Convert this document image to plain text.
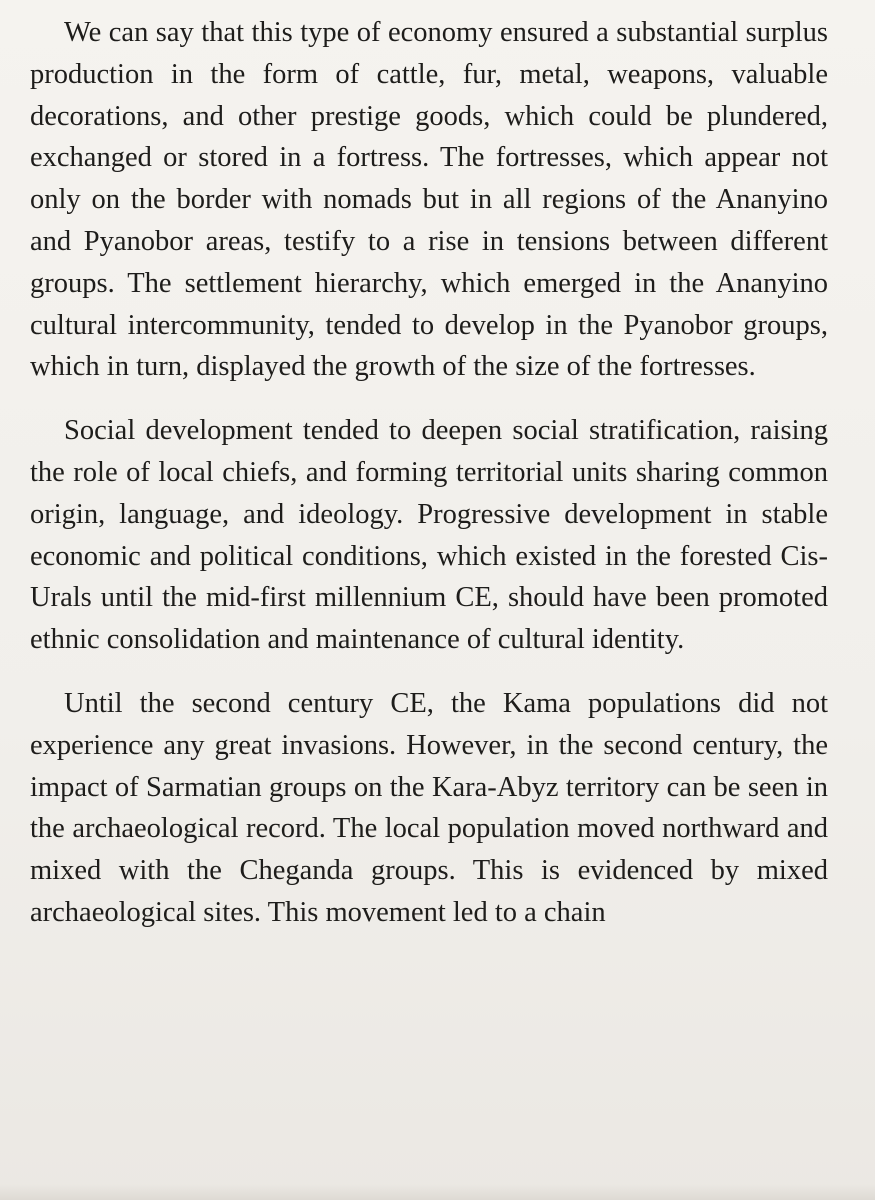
We can say that this type of economy ensured a substantial surplus production in the form of cattle, fur, metal, weapons, valuable decorations, and other prestige goods, which could be plundered, exchanged or stored in a fortress. The fortresses, which appear not only on the border with nomads but in all regions of the Ananyino and Pyanobor areas, testify to a rise in tensions between different groups. The settlement hierarchy, which emerged in the Ananyino cultural intercommunity, tended to develop in the Pyanobor groups, which in turn, displayed the growth of the size of the fortresses.

Social development tended to deepen social stratification, raising the role of local chiefs, and forming territorial units sharing common origin, language, and ideology. Progressive development in stable economic and political conditions, which existed in the forested Cis-Urals until the mid-first millennium CE, should have been promoted ethnic consolidation and maintenance of cultural identity.

Until the second century CE, the Kama populations did not experience any great invasions. However, in the second century, the impact of Sarmatian groups on the Kara-Abyz territory can be seen in the archaeological record. The local population moved northward and mixed with the Cheganda groups. This is evidenced by mixed archaeological sites. This movement led to a chain
